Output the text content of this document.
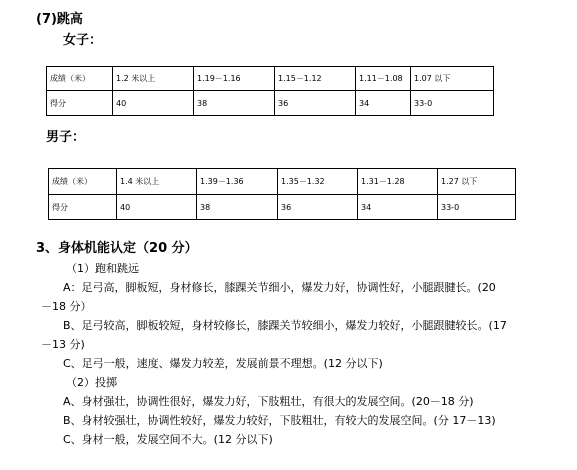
(7)跳高
女子：
成绩（米）	1.2 米以上	1.19－1.16	1.15－1.12	1.11－1.08	1.07 以下
得分	40	38	36	34	33-0
男子：
成绩（米）	1.4 米以上	1.39－1.36	1.35－1.32	1.31－1.28	1.27 以下
得分	40	38	36	34	33-0
3、身体机能认定（20 分）
（1）跑和跳远
A：足弓高，脚板短，身材修长，膝踝关节细小，爆发力好，协调性好，小腿跟腱长。(20
－18 分）
B、足弓较高，脚板较短，身材较修长，膝踝关节较细小，爆发力较好，小腿跟腱较长。(17
－13 分)
C、足弓一般，速度、爆发力较差，发展前景不理想。(12 分以下)
（2）投掷
A、身材强壮，协调性很好，爆发力好，下肢粗壮，有很大的发展空间。(20－18 分)
B、身材较强壮，协调性较好，爆发力较好，下肢粗壮，有较大的发展空间。(分 17－13)
C、身材一般，发展空间不大。(12 分以下)
